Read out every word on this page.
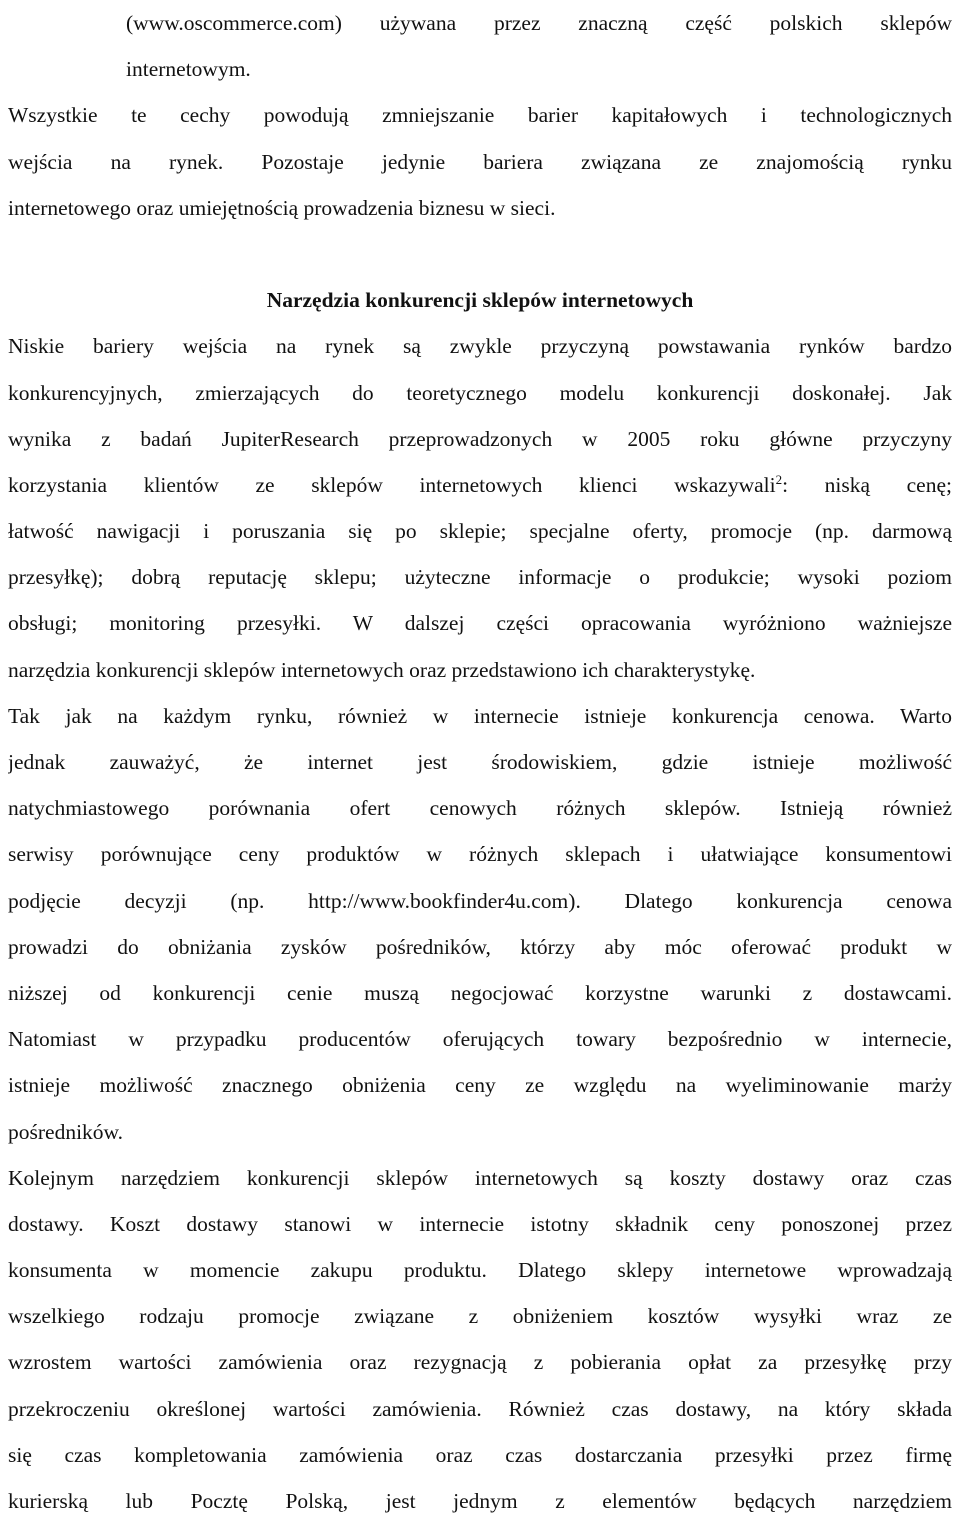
(www.oscommerce.com) używana przez znaczną część polskich sklepów
internetowym.
Wszystkie te cechy powodują zmniejszanie barier kapitałowych i technologicznych
wejścia na rynek. Pozostaje jedynie bariera związana ze znajomością rynku
internetowego oraz umiejętnością prowadzenia biznesu w sieci.
Narzędzia konkurencji sklepów internetowych
Niskie bariery wejścia na rynek są zwykle przyczyną powstawania rynków bardzo
konkurencyjnych, zmierzających do teoretycznego modelu konkurencji doskonałej. Jak
wynika z badań JupiterResearch przeprowadzonych w 2005 roku główne przyczyny
korzystania klientów ze sklepów internetowych klienci wskazywali$^2$: niską cenę;
łatwość nawigacji i poruszania się po sklepie; specjalne oferty, promocje (np. darmową
przesyłkę); dobrą reputację sklepu; użyteczne informacje o produkcie; wysoki poziom
obsługi; monitoring przesyłki. W dalszej części opracowania wyróżniono ważniejsze
narzędzia konkurencji sklepów internetowych oraz przedstawiono ich charakterystykę.
Tak jak na każdym rynku, również w internecie istnieje konkurencja cenowa. Warto
jednak zauważyć, że internet jest środowiskiem, gdzie istnieje możliwość
natychmiastowego porównania ofert cenowych różnych sklepów. Istnieją również
serwisy porównujące ceny produktów w różnych sklepach i ułatwiające konsumentowi
podjęcie decyzji (np. http://www.bookfinder4u.com). Dlatego konkurencja cenowa
prowadzi do obniżania zysków pośredników, którzy aby móc oferować produkt w
niższej od konkurencji cenie muszą negocjować korzystne warunki z dostawcami.
Natomiast w przypadku producentów oferujących towary bezpośrednio w internecie,
istnieje możliwość znacznego obniżenia ceny ze względu na wyeliminowanie marży
pośredników.
Kolejnym narzędziem konkurencji sklepów internetowych są koszty dostawy oraz czas
dostawy. Koszt dostawy stanowi w internecie istotny składnik ceny ponoszonej przez
konsumenta w momencie zakupu produktu. Dlatego sklepy internetowe wprowadzają
wszelkiego rodzaju promocje związane z obniżeniem kosztów wysyłki wraz ze
wzrostem wartości zamówienia oraz rezygnacją z pobierania opłat za przesyłkę przy
przekroczeniu określonej wartości zamówienia. Również czas dostawy, na który składa
się czas kompletowania zamówienia oraz czas dostarczania przesyłki przez firmę
kurierską lub Pocztę Polską, jest jednym z elementów będących narzędziem
